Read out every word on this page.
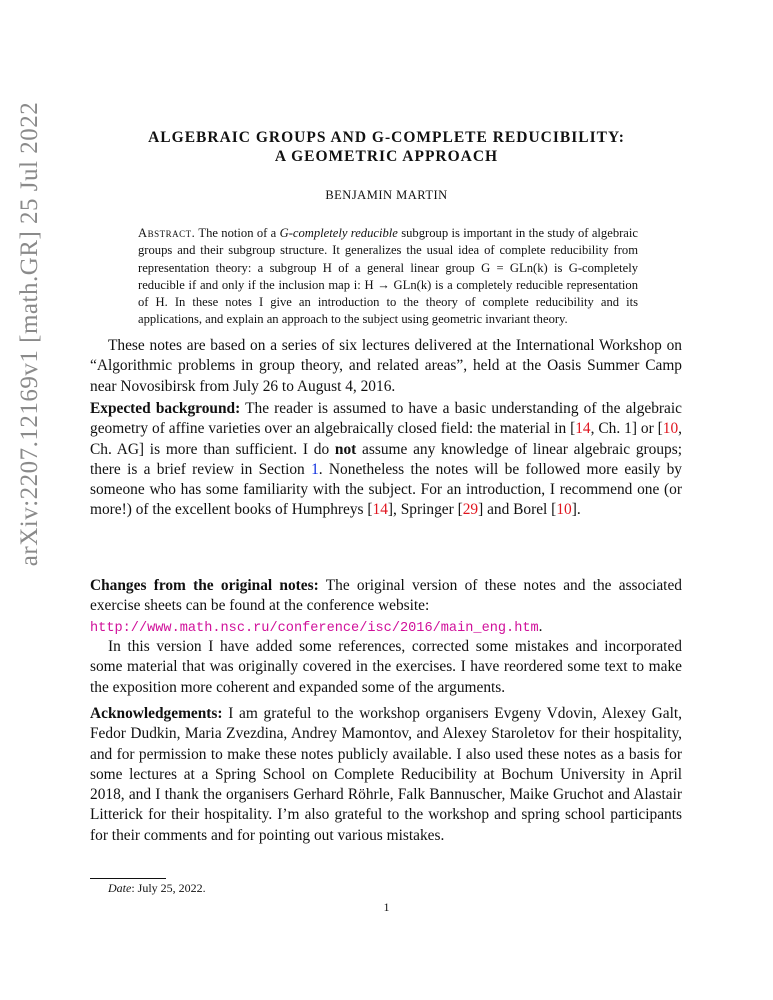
arXiv:2207.12169v1 [math.GR] 25 Jul 2022	ALGEBRAIC GROUPS AND G-COMPLETE REDUCIBILITY:
A GEOMETRIC APPROACH
BENJAMIN MARTIN
Abstract. The notion of a G-completely reducible subgroup is important in the study of algebraic groups and their subgroup structure. It generalizes the usual idea of complete reducibility from representation theory: a subgroup H of a general linear group G = GLn(k) is G-completely reducible if and only if the inclusion map i: H → GLn(k) is a completely reducible representation of H. In these notes I give an introduction to the theory of complete reducibility and its applications, and explain an approach to the subject using geometric invariant theory.
These notes are based on a series of six lectures delivered at the International Workshop on “Algorithmic problems in group theory, and related areas”, held at the Oasis Summer Camp near Novosibirsk from July 26 to August 4, 2016.
Expected background: The reader is assumed to have a basic understanding of the algebraic geometry of affine varieties over an algebraically closed field: the material in [14, Ch. 1] or [10, Ch. AG] is more than sufficient. I do not assume any knowledge of linear algebraic groups; there is a brief review in Section 1. Nonetheless the notes will be followed more easily by someone who has some familiarity with the subject. For an introduction, I recommend one (or more!) of the excellent books of Humphreys [14], Springer [29] and Borel [10].
Changes from the original notes: The original version of these notes and the associated exercise sheets can be found at the conference website:
http://www.math.nsc.ru/conference/isc/2016/main_eng.htm.
In this version I have added some references, corrected some mistakes and incorporated some material that was originally covered in the exercises. I have reordered some text to make the exposition more coherent and expanded some of the arguments.
Acknowledgements: I am grateful to the workshop organisers Evgeny Vdovin, Alexey Galt, Fedor Dudkin, Maria Zvezdina, Andrey Mamontov, and Alexey Staroletov for their hospitality, and for permission to make these notes publicly available. I also used these notes as a basis for some lectures at a Spring School on Complete Reducibility at Bochum University in April 2018, and I thank the organisers Gerhard Röhrle, Falk Bannuscher, Maike Gruchot and Alastair Litterick for their hospitality. I’m also grateful to the workshop and spring school participants for their comments and for pointing out various mistakes.
Date: July 25, 2022.
1
